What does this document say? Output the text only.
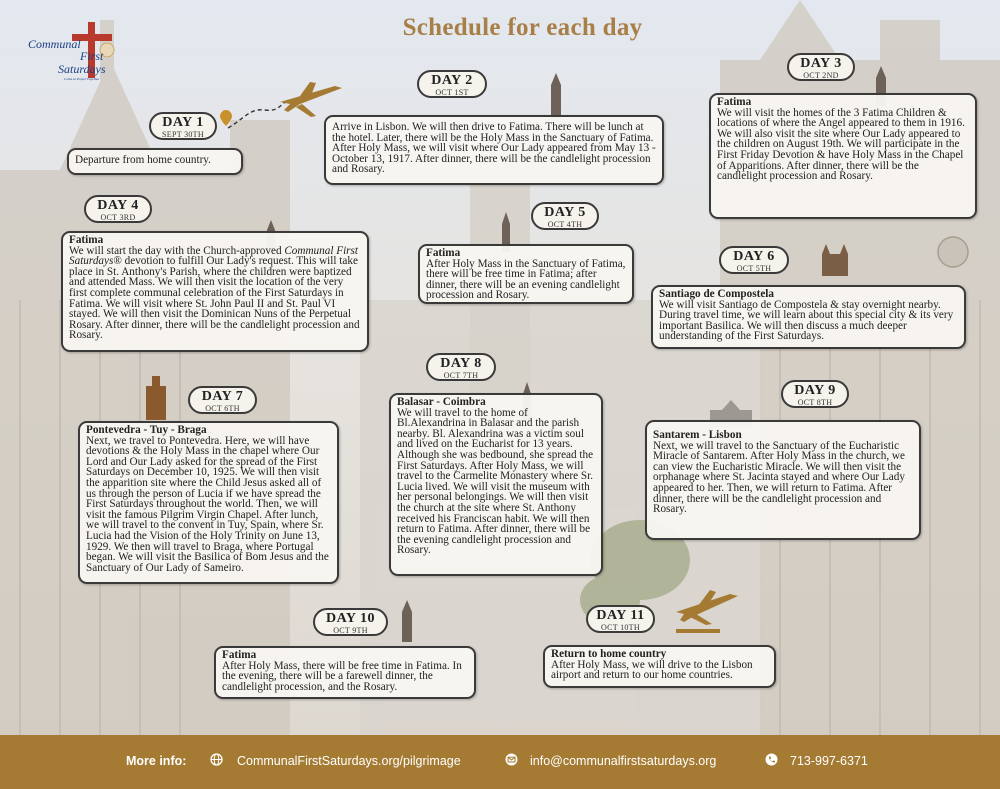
Communal
First
Saturdays
Come in Prayer Together
Schedule for each day
DAY 1
SEPT 30TH
DAY 2
OCT 1ST
DAY 3
OCT 2ND
DAY 4
OCT 3RD	DAY 5
OCT 4TH
DAY 6
OCT 5TH
DAY 7
OCT 6TH
DAY 8
OCT 7TH
DAY 9
OCT 8TH
DAY 10
OCT 9TH
DAY 11
OCT 10TH
Departure from home country.
Arrive in Lisbon. We will then drive to Fatima. There will be lunch at the hotel. Later, there will be the Holy Mass in the Sanctuary of Fatima. After Holy Mass, we will visit where Our Lady appeared from May 13 - October 13, 1917. After dinner, there will be the candlelight procession and Rosary.
Fatima
We will visit the homes of the 3 Fatima Children & locations of where the Angel appeared to them in 1916. We will also visit the site where Our Lady appeared to the children on August 19th. We will participate in the First Friday Devotion & have Holy Mass in the Chapel of Apparitions. After dinner, there will be the candlelight procession and Rosary.
Fatima
We will start the day with the Church-approved Communal First Saturdays® devotion to fulfill Our Lady's request. This will take place in St. Anthony's Parish, where the children were baptized and attended Mass. We will then visit the location of the very first complete communal celebration of the First Saturdays in Fatima. We will visit where St. John Paul II and St. Paul VI stayed. We will then visit the Dominican Nuns of the Perpetual Rosary. After dinner, there will be the candlelight procession and Rosary.
Fatima
After Holy Mass in the Sanctuary of Fatima, there will be free time in Fatima; after dinner, there will be an evening candlelight procession and Rosary.	Santiago de Compostela
We will visit Santiago de Compostela & stay overnight nearby. During travel time, we will learn about this special city & its very important Basilica. We will then discuss a much deeper understanding of the First Saturdays.
Pontevedra - Tuy - Braga
Next, we travel to Pontevedra. Here, we will have devotions & the Holy Mass in the chapel where Our Lord and Our Lady asked for the spread of the First Saturdays on December 10, 1925. We will then visit the apparition site where the Child Jesus asked all of us through the person of Lucia if we have spread the First Saturdays throughout the world. Then, we will visit the famous Pilgrim Virgin Chapel. After lunch, we will travel to the convent in Tuy, Spain, where Sr. Lucia had the Vision of the Holy Trinity on June 13, 1929. We then will travel to Braga, where Portugal began. We will visit the Basilica of Bom Jesus and the Sanctuary of Our Lady of Sameiro.
Balasar - Coimbra
We will travel to the home of Bl.Alexandrina in Balasar and the parish nearby. Bl. Alexandrina was a victim soul and lived on the Eucharist for 13 years. Although she was bedbound, she spread the First Saturdays. After Holy Mass, we will travel to the Carmelite Monastery where Sr. Lucia lived. We will visit the museum with her personal belongings. We will then visit the church at the site where St. Anthony received his Franciscan habit. We will then return to Fatima. After dinner, there will be the evening candlelight procession and Rosary.
Santarem - Lisbon
Next, we will travel to the Sanctuary of the Eucharistic Miracle of Santarem. After Holy Mass in the church, we can view the Eucharistic Miracle. We will then visit the orphanage where St. Jacinta stayed and where Our Lady appeared to her. Then, we will return to Fatima. After dinner, there will be the candlelight procession and Rosary.
Fatima
After Holy Mass, there will be free time in Fatima. In the evening, there will be a farewell dinner, the candlelight procession, and the Rosary.
Return to home country
After Holy Mass, we will drive to the Lisbon airport and return to our home countries.
More info:	CommunalFirstSaturdays.org/pilgrimage	info@communalfirstsaturdays.org	713-997-6371
